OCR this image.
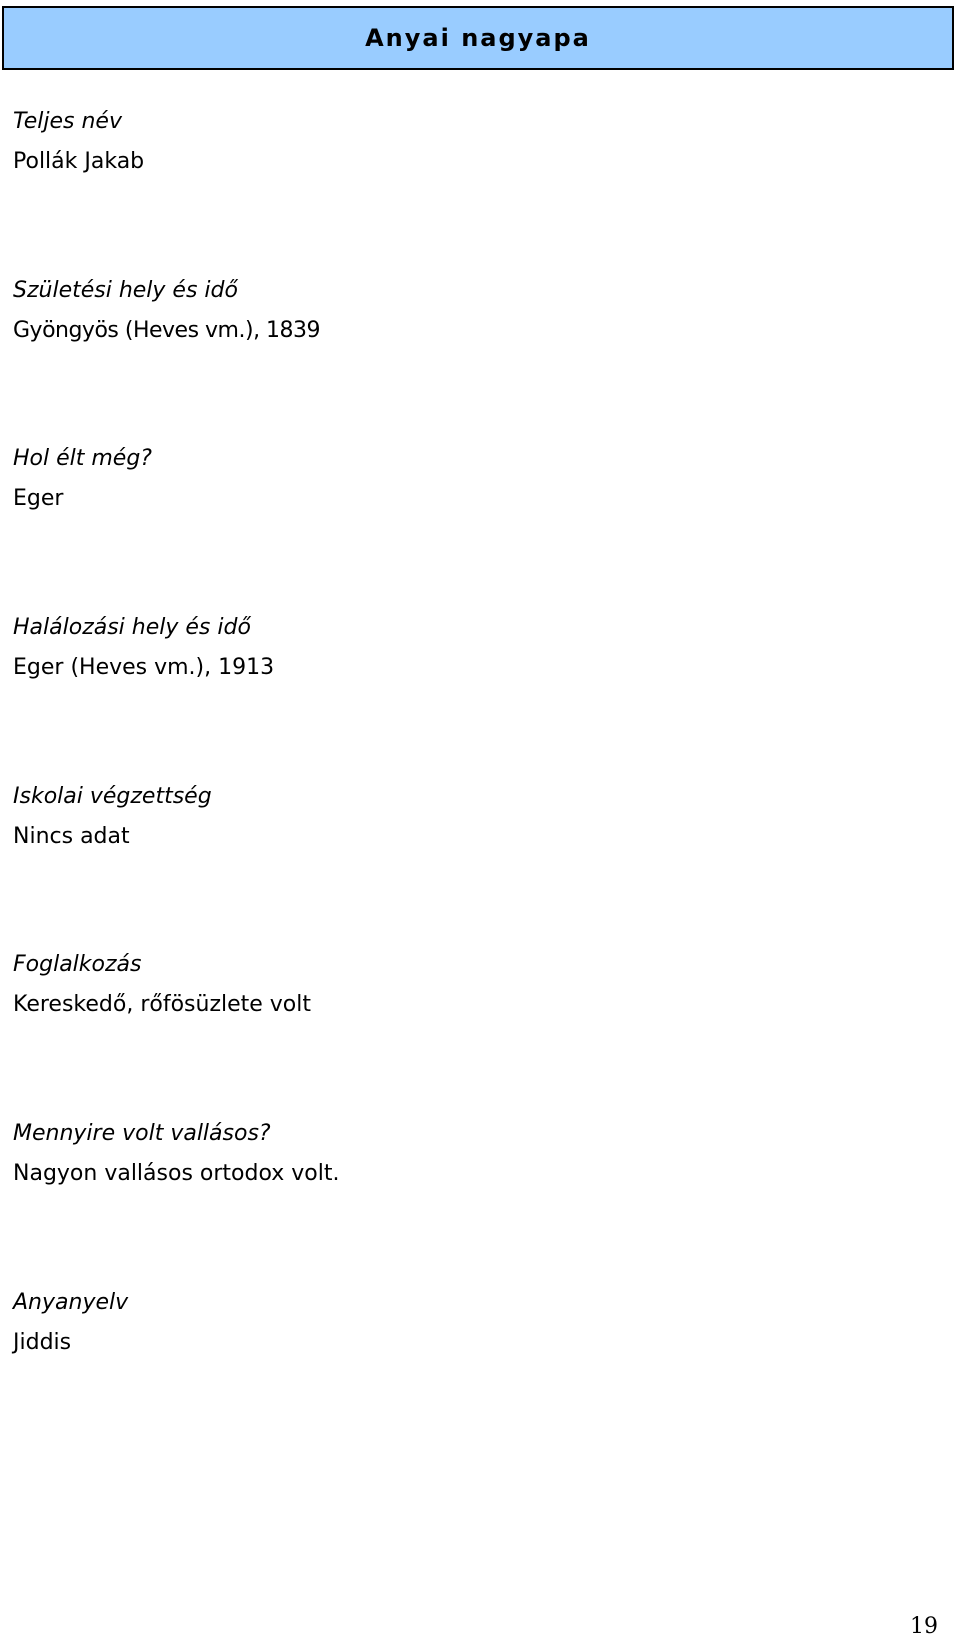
Anyai nagyapa
Teljes név
Pollák Jakab
Születési hely és idő
Gyöngyös (Heves vm.), 1839
Hol élt még?
Eger
Halálozási hely és idő
Eger (Heves vm.), 1913
Iskolai végzettség
Nincs adat
Foglalkozás
Kereskedő, rőfösüzlete volt
Mennyire volt vallásos?
Nagyon vallásos ortodox volt.
Anyanyelv
Jiddis
19
